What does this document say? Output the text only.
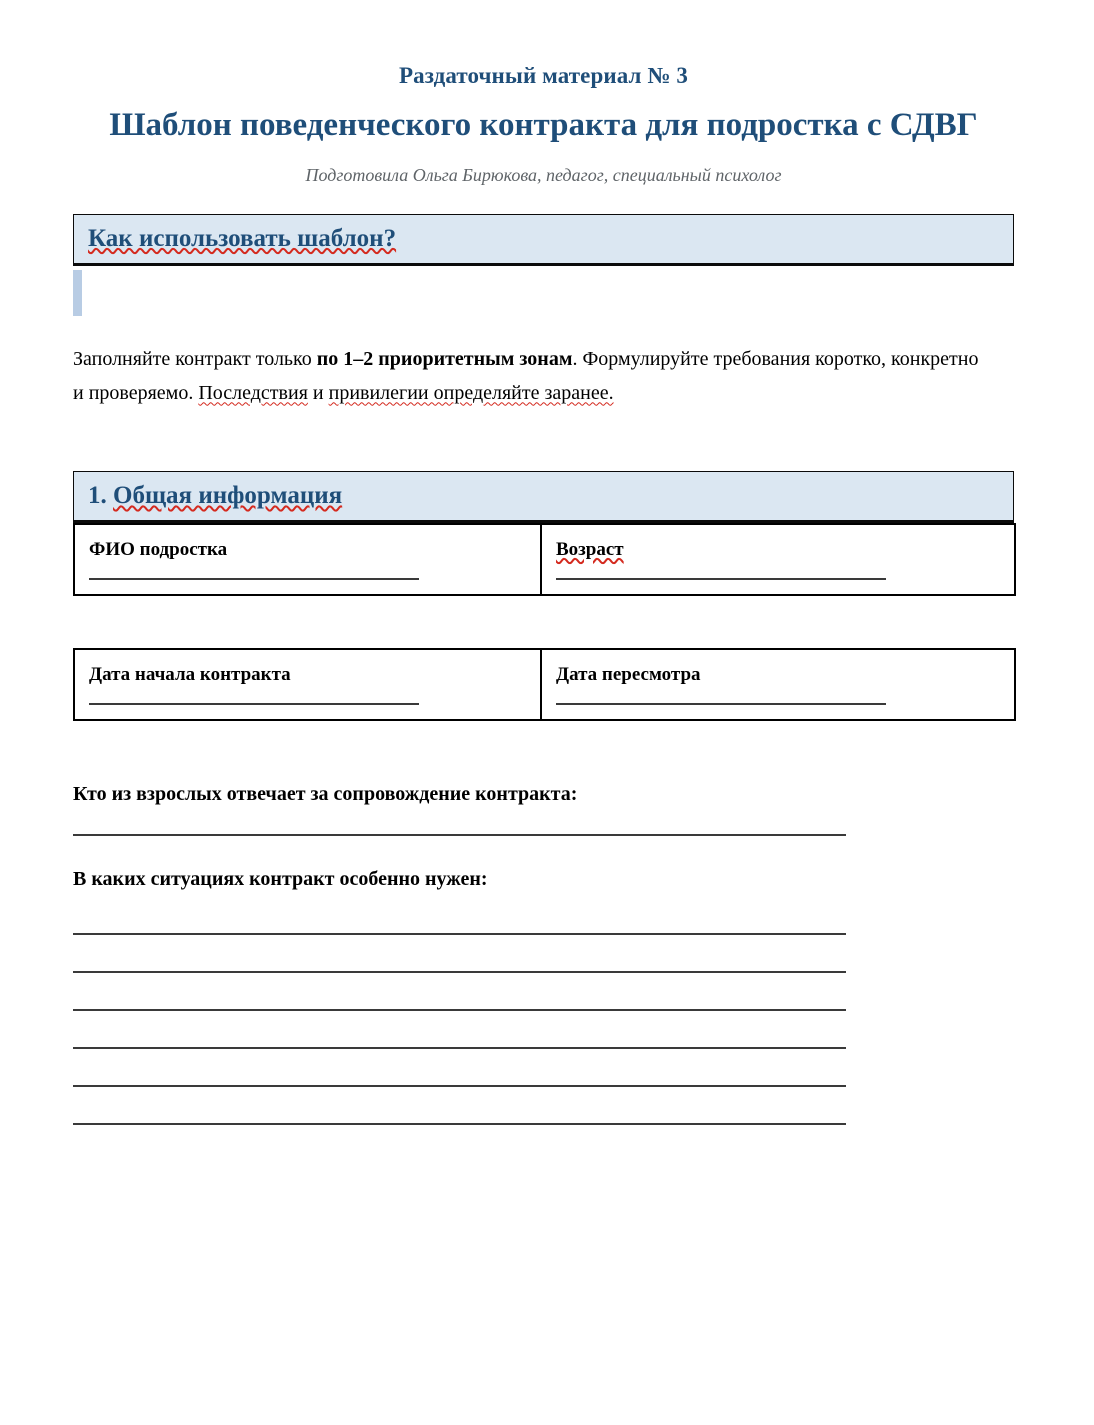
Раздаточный материал № 3

Шаблон поведенческого контракта для подростка с СДВГ

Подготовила Ольга Бирюкова, педагог, специальный психолог

Как использовать шаблон?

Заполняйте контракт только по 1–2 приоритетным зонам. Формулируйте требования коротко, конкретно и проверяемо. Последствия и привилегии определяйте заранее.

1. Общая информация

ФИО подростка	Возраст

Дата начала контракта	Дата пересмотра

Кто из взрослых отвечает за сопровождение контракта:

В каких ситуациях контракт особенно нужен:
